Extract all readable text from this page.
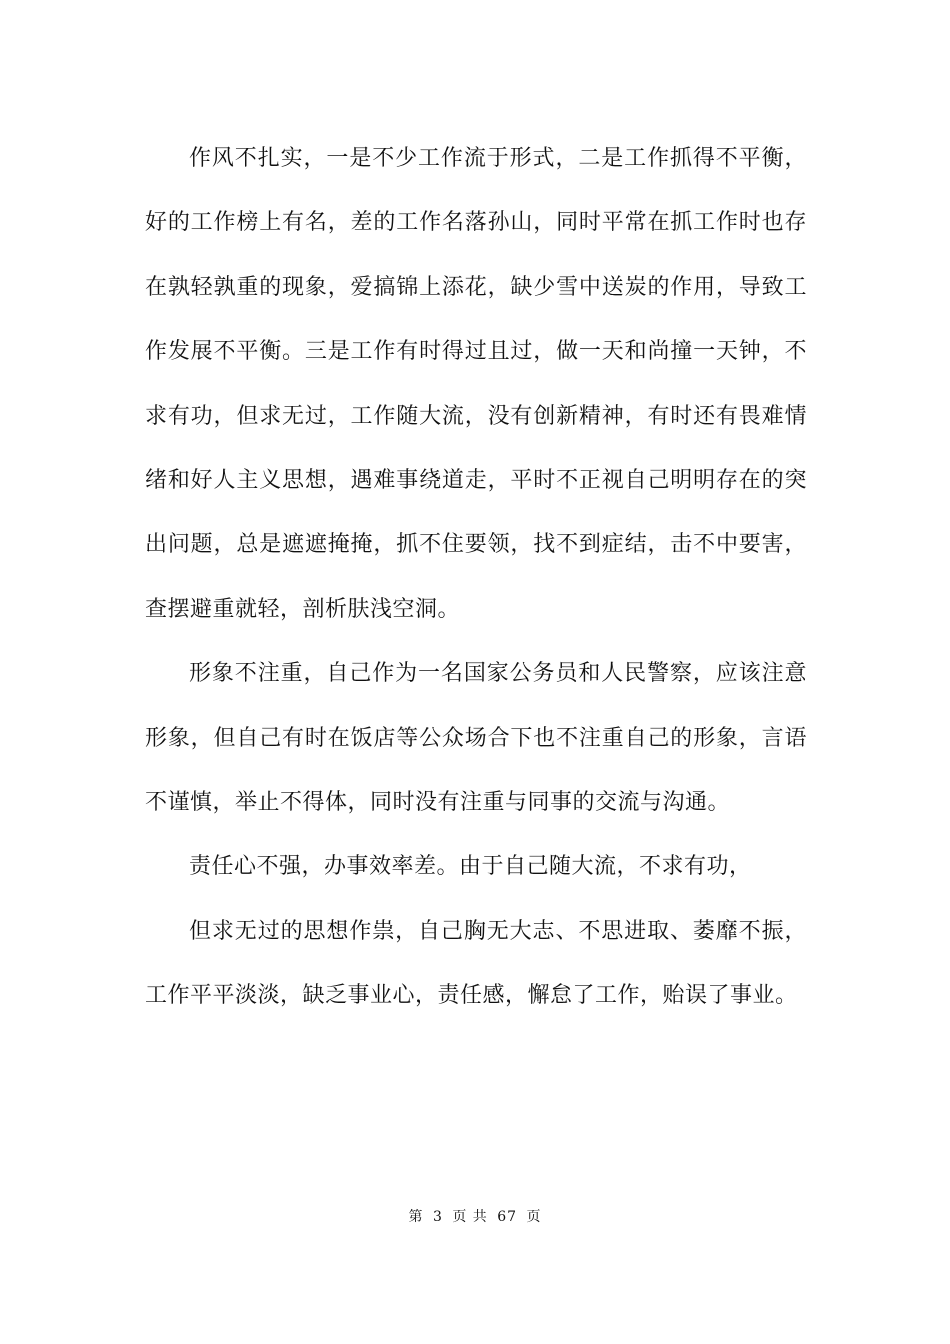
作风不扎实，一是不少工作流于形式，二是工作抓得不平衡，好的工作榜上有名，差的工作名落孙山，同时平常在抓工作时也存在孰轻孰重的现象，爱搞锦上添花，缺少雪中送炭的作用，导致工作发展不平衡。三是工作有时得过且过，做一天和尚撞一天钟，不求有功，但求无过，工作随大流，没有创新精神，有时还有畏难情绪和好人主义思想，遇难事绕道走，平时不正视自己明明存在的突出问题，总是遮遮掩掩，抓不住要领，找不到症结，击不中要害，查摆避重就轻，剖析肤浅空洞。

形象不注重，自己作为一名国家公务员和人民警察，应该注意形象，但自己有时在饭店等公众场合下也不注重自己的形象，言语不谨慎，举止不得体，同时没有注重与同事的交流与沟通。

责任心不强，办事效率差。由于自己随大流，不求有功，

但求无过的思想作祟，自己胸无大志、不思进取、萎靡不振，工作平平淡淡，缺乏事业心，责任感，懈怠了工作，贻误了事业。

第 3 页 共 67 页
